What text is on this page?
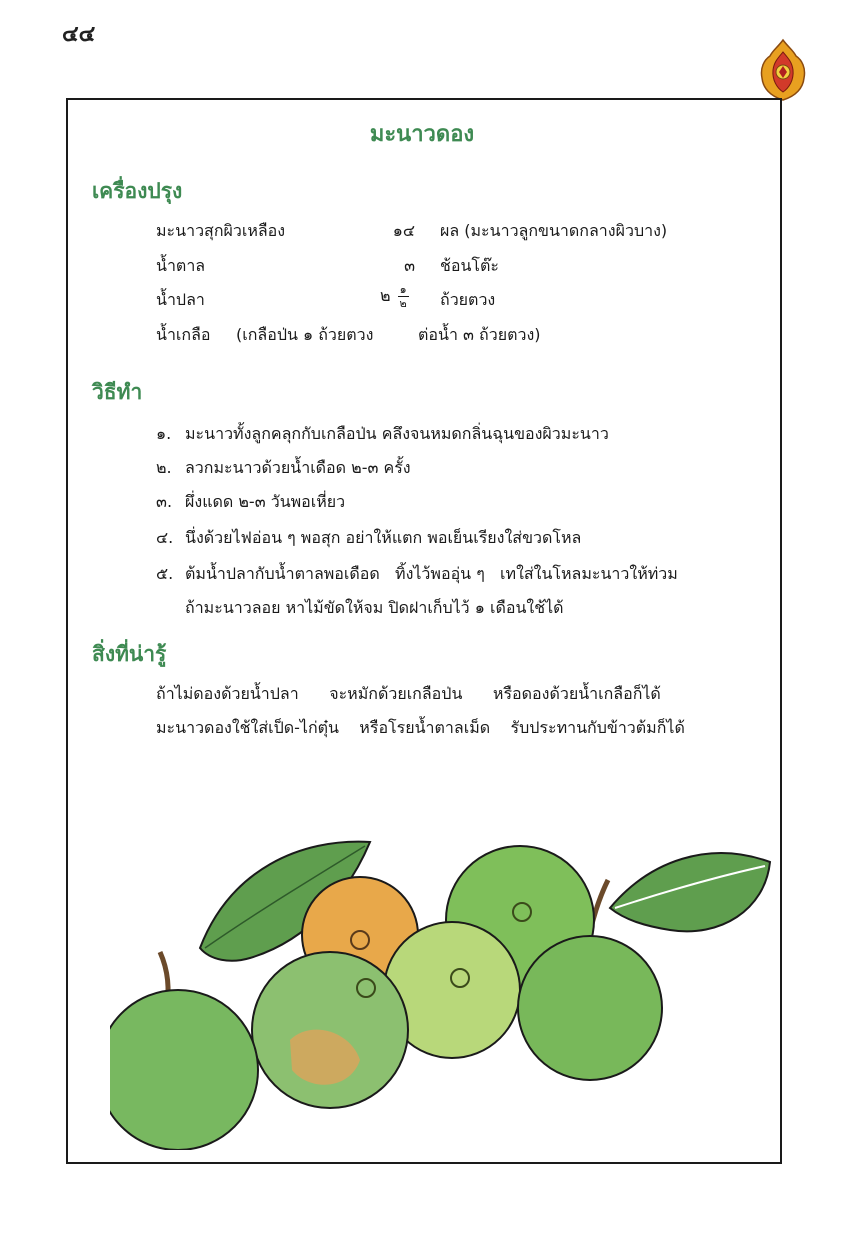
๔๔
มะนาวดอง
เครื่องปรุง
มะนาวสุกผิวเหลือง	๑๔ ผล (มะนาวลูกขนาดกลางผิวบาง)
น้ำตาล	๓ ช้อนโต๊ะ
น้ำปลา	๒ $\frac{๑}{๒}$ ถ้วยตวง
น้ำเกลือ (เกลือป่น ๑ ถ้วยตวง	ต่อน้ำ ๓ ถ้วยตวง)
วิธีทำ
๑. มะนาวทั้งลูกคลุกกับเกลือป่น คลึงจนหมดกลิ่นฉุนของผิวมะนาว
๒. ลวกมะนาวด้วยน้ำเดือด ๒-๓ ครั้ง
๓. ผึ่งแดด ๒-๓ วันพอเหี่ยว
๔. นึ่งด้วยไฟอ่อน ๆ พอสุก อย่าให้แตก พอเย็นเรียงใส่ขวดโหล
๕. ต้มน้ำปลากับน้ำตาลพอเดือด   ทิ้งไว้พออุ่น ๆ   เทใส่ในโหลมะนาวให้ท่วม
ถ้ามะนาวลอย หาไม้ขัดให้จม ปิดฝาเก็บไว้ ๑ เดือนใช้ได้
สิ่งที่น่ารู้
ถ้าไม่ดองด้วยน้ำปลา      จะหมักด้วยเกลือป่น      หรือดองด้วยน้ำเกลือก็ได้
มะนาวดองใช้ใส่เป็ด-ไก่ตุ๋น    หรือโรยน้ำตาลเม็ด    รับประทานกับข้าวต้มก็ได้
